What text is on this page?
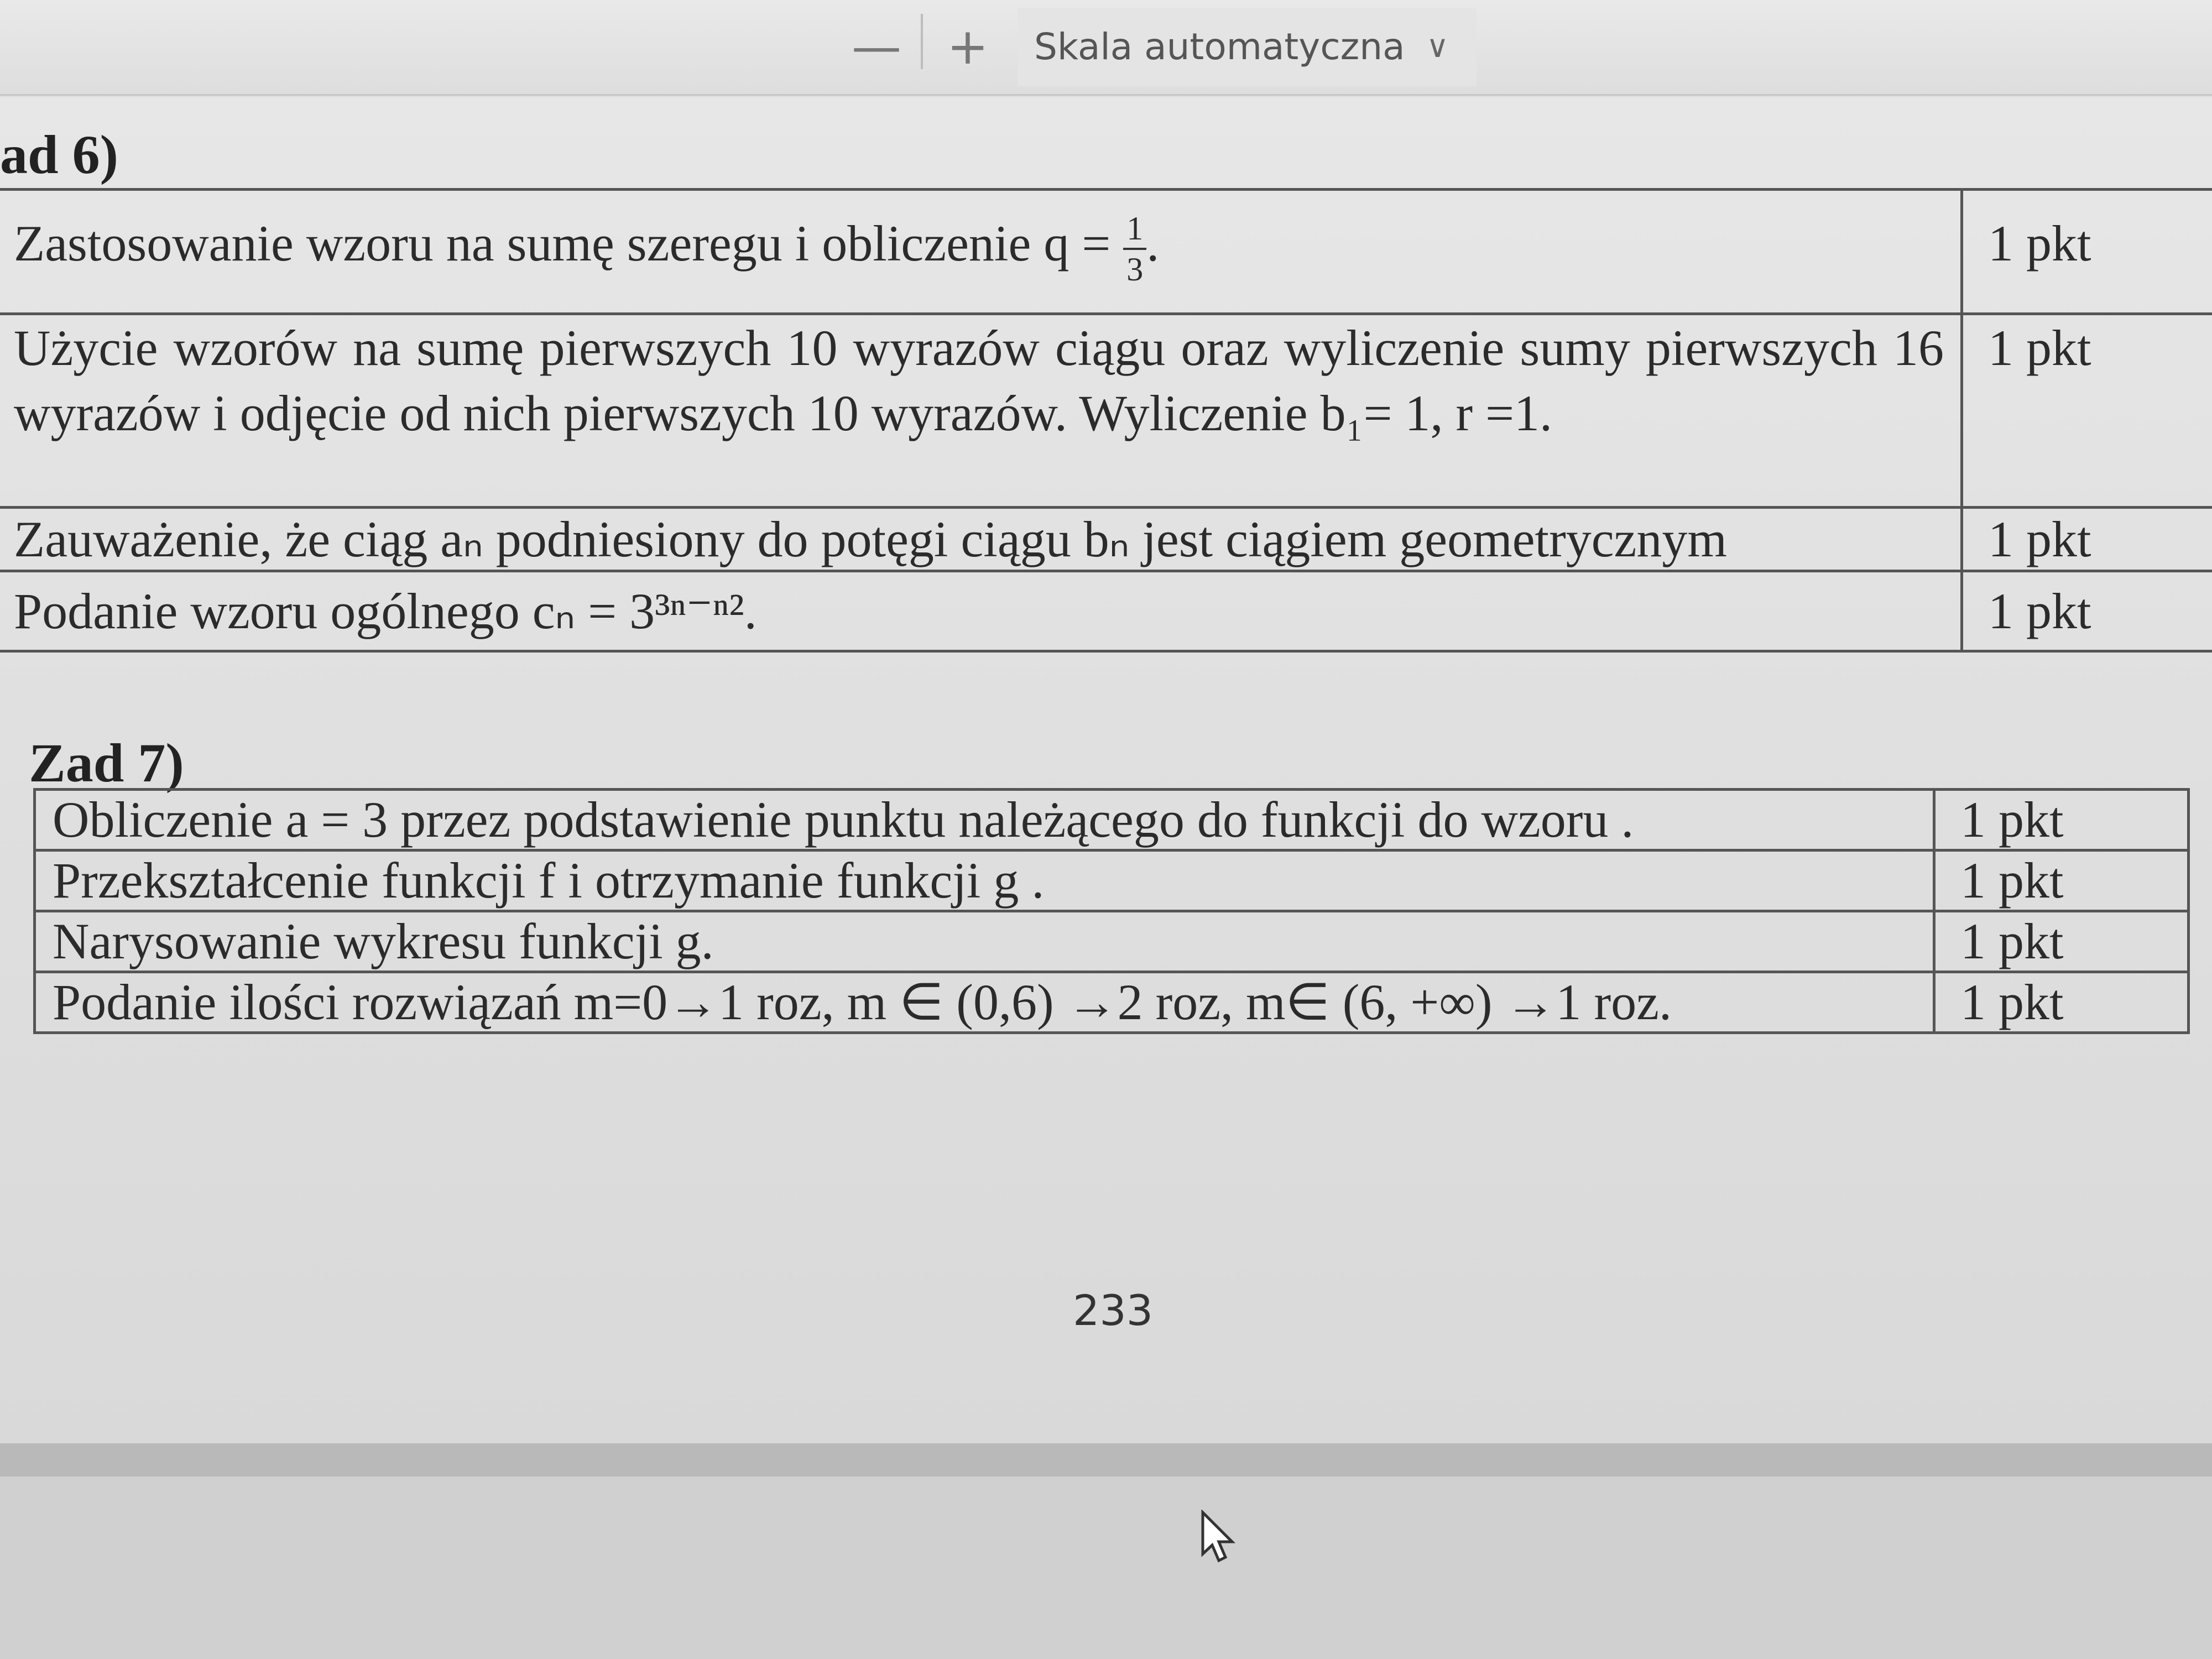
— + Skala automatyczna ∨
ad 6)
Zastosowanie wzoru na sumę szeregu i obliczenie $q = \frac{1}{3}$ .	1 pkt
Użycie wzorów na sumę pierwszych 10 wyrazów ciągu oraz wyliczenie sumy pierwszych 16 wyrazów i odjęcie od nich pierwszych 10 wyrazów. Wyliczenie b₁= 1, r =1.	1 pkt
Zauważenie, że ciąg aₙ podniesiony do potęgi ciągu bₙ jest ciągiem geometrycznym	1 pkt
Podanie wzoru ogólnego cₙ = 3³ⁿ⁻ⁿ².	1 pkt
Zad 7)
Obliczenie a = 3 przez podstawienie punktu należącego do funkcji do wzoru .	1 pkt
Przekształcenie funkcji f i otrzymanie funkcji g .	1 pkt
Narysowanie wykresu funkcji g.	1 pkt
Podanie ilości rozwiązań m=0→1 roz, m ∈ (0,6) →2 roz, m∈ (6, +∞) →1 roz.	1 pkt
233
